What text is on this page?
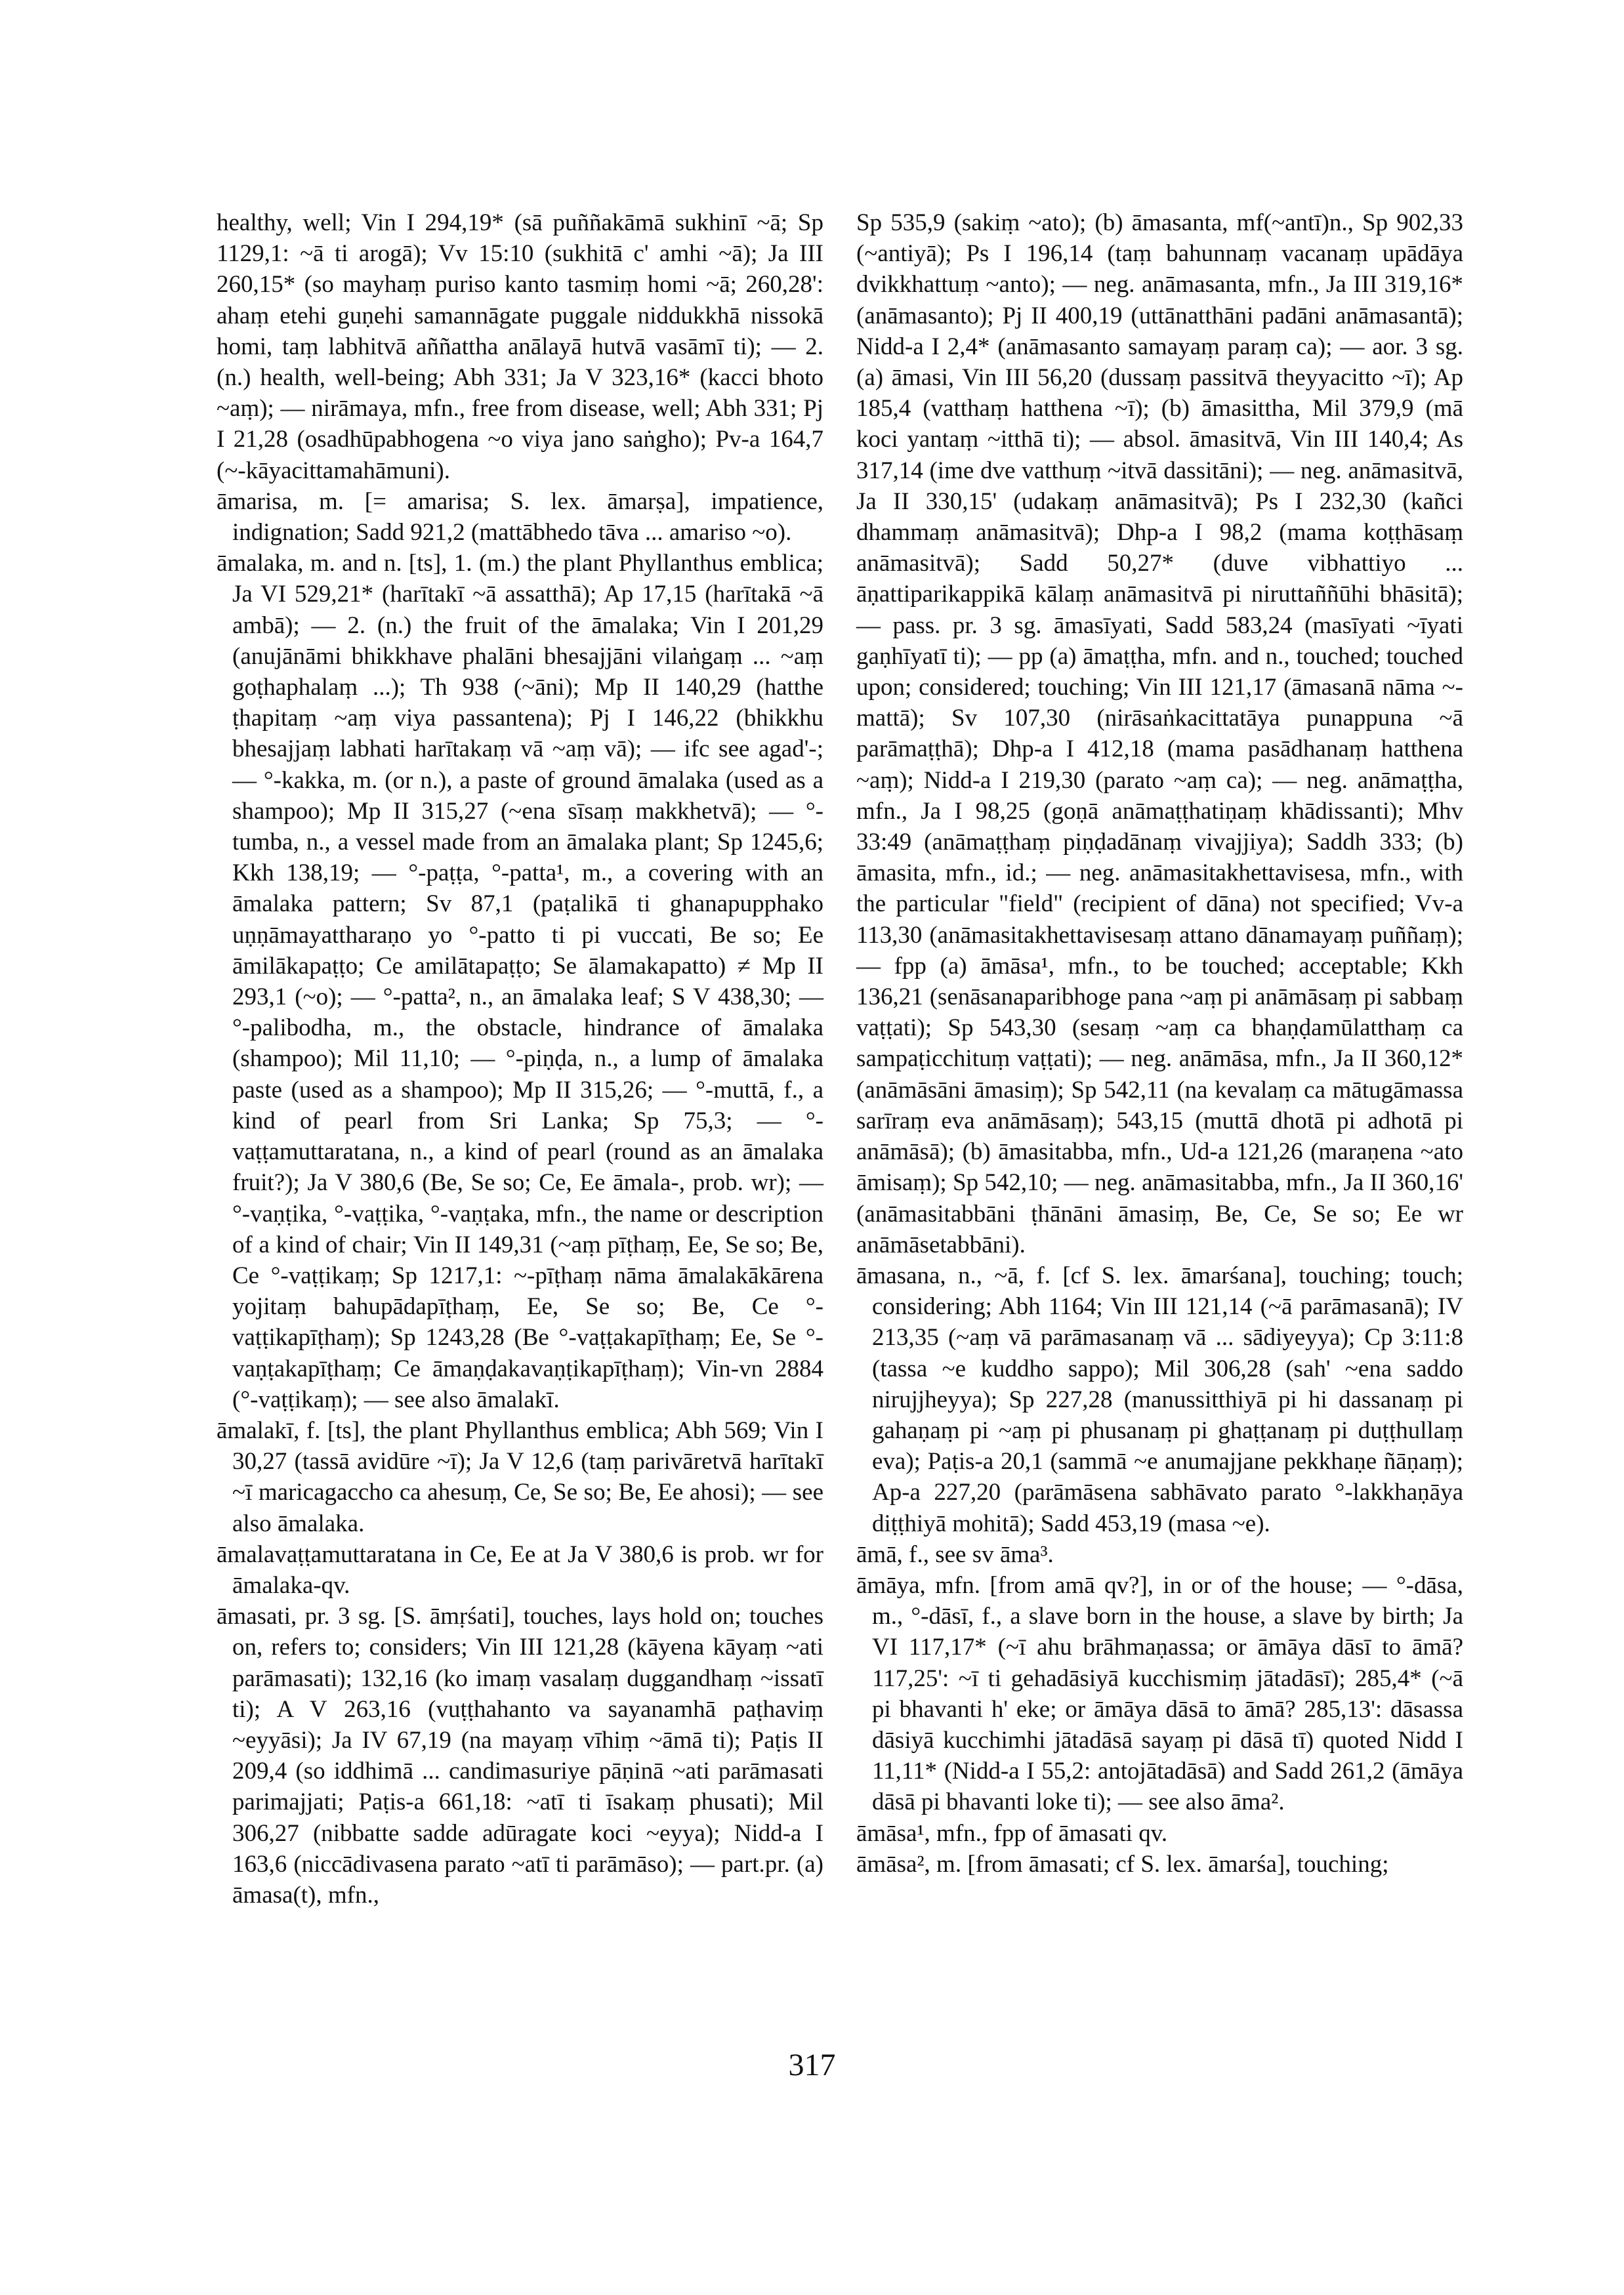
healthy, well; Vin I 294,19* (sā puññakāmā sukhinī ~ā; Sp 1129,1: ~ā ti arogā); Vv 15:10 (sukhitā c' amhi ~ā); Ja III 260,15* (so mayhaṃ puriso kanto tasmiṃ homi ~ā; 260,28': ahaṃ etehi guṇehi samannāgate puggale niddukkhā nissokā homi, taṃ labhitvā aññattha anālayā hutvā vasāmī ti); — 2. (n.) health, well-being; Abh 331; Ja V 323,16* (kacci bhoto ~aṃ); — nirāmaya, mfn., free from disease, well; Abh 331; Pj I 21,28 (osadhūpabhogena ~o viya jano saṅgho); Pv-a 164,7 (~-kāyacittamahāmuni).

āmarisa, m. [= amarisa; S. lex. āmarṣa], impatience, indignation; Sadd 921,2 (mattābhedo tāva ... amariso ~o).

āmalaka, m. and n. [ts], 1. (m.) the plant Phyllanthus emblica; Ja VI 529,21* (harītakī ~ā assatthā); Ap 17,15 (harītakā ~ā ambā); — 2. (n.) the fruit of the āmalaka; Vin I 201,29 (anujānāmi bhikkhave phalāni bhesajjāni vilaṅgaṃ ... ~aṃ goṭhaphalaṃ ...); Th 938 (~āni); Mp II 140,29 (hatthe ṭhapitaṃ ~aṃ viya passantena); Pj I 146,22 (bhikkhu bhesajjaṃ labhati harītakaṃ vā ~aṃ vā); — ifc see agad'-; — °-kakka, m. (or n.), a paste of ground āmalaka (used as a shampoo); Mp II 315,27 (~ena sīsaṃ makkhetvā); — °-tumba, n., a vessel made from an āmalaka plant; Sp 1245,6; Kkh 138,19; — °-paṭṭa, °-patta¹, m., a covering with an āmalaka pattern; Sv 87,1 (paṭalikā ti ghanapupphako uṇṇāmayattharaṇo yo °-patto ti pi vuccati, Be so; Ee āmilākapaṭṭo; Ce amilātapaṭṭo; Se ālamakapatto) ≠ Mp II 293,1 (~o); — °-patta², n., an āmalaka leaf; S V 438,30; — °-palibodha, m., the obstacle, hindrance of āmalaka (shampoo); Mil 11,10; — °-piṇḍa, n., a lump of āmalaka paste (used as a shampoo); Mp II 315,26; — °-muttā, f., a kind of pearl from Sri Lanka; Sp 75,3; — °-vaṭṭamuttaratana, n., a kind of pearl (round as an āmalaka fruit?); Ja V 380,6 (Be, Se so; Ce, Ee āmala-, prob. wr); — °-vaṇṭika, °-vaṭṭika, °-vaṇṭaka, mfn., the name or description of a kind of chair; Vin II 149,31 (~aṃ pīṭhaṃ, Ee, Se so; Be, Ce °-vaṭṭikaṃ; Sp 1217,1: ~-pīṭhaṃ nāma āmalakākārena yojitaṃ bahupādapīṭhaṃ, Ee, Se so; Be, Ce °-vaṭṭikapīṭhaṃ); Sp 1243,28 (Be °-vaṭṭakapīṭhaṃ; Ee, Se °-vaṇṭakapīṭhaṃ; Ce āmaṇḍakavaṇṭikapīṭhaṃ); Vin-vn 2884 (°-vaṭṭikaṃ); — see also āmalakī.

āmalakī, f. [ts], the plant Phyllanthus emblica; Abh 569; Vin I 30,27 (tassā avidūre ~ī); Ja V 12,6 (taṃ parivāretvā harītakī ~ī maricagaccho ca ahesuṃ, Ce, Se so; Be, Ee ahosi); — see also āmalaka.

āmalavaṭṭamuttaratana in Ce, Ee at Ja V 380,6 is prob. wr for āmalaka-qv.

āmasati, pr. 3 sg. [S. āmṛśati], touches, lays hold on; touches on, refers to; considers; Vin III 121,28 (kāyena kāyaṃ ~ati parāmasati); 132,16 (ko imaṃ vasalaṃ duggandhaṃ ~issatī ti); A V 263,16 (vuṭṭhahanto va sayanamhā paṭhaviṃ ~eyyāsi); Ja IV 67,19 (na mayaṃ vīhiṃ ~āmā ti); Paṭis II 209,4 (so iddhimā ... candimasuriye pāṇinā ~ati parāmasati parimajjati; Paṭis-a 661,18: ~atī ti īsakaṃ phusati); Mil 306,27 (nibbatte sadde adūragate koci ~eyya); Nidd-a I 163,6 (niccādivasena parato ~atī ti parāmāso); — part.pr. (a) āmasa(t), mfn.,

Sp 535,9 (sakiṃ ~ato); (b) āmasanta, mf(~antī)n., Sp 902,33 (~antiyā); Ps I 196,14 (taṃ bahunnaṃ vacanaṃ upādāya dvikkhattuṃ ~anto); — neg. anāmasanta, mfn., Ja III 319,16* (anāmasanto); Pj II 400,19 (uttānatthāni padāni anāmasantā); Nidd-a I 2,4* (anāmasanto samayaṃ paraṃ ca); — aor. 3 sg. (a) āmasi, Vin III 56,20 (dussaṃ passitvā theyyacitto ~ī); Ap 185,4 (vatthaṃ hatthena ~ī); (b) āmasittha, Mil 379,9 (mā koci yantaṃ ~itthā ti); — absol. āmasitvā, Vin III 140,4; As 317,14 (ime dve vatthuṃ ~itvā dassitāni); — neg. anāmasitvā, Ja II 330,15' (udakaṃ anāmasitvā); Ps I 232,30 (kañci dhammaṃ anāmasitvā); Dhp-a I 98,2 (mama koṭṭhāsaṃ anāmasitvā); Sadd 50,27* (duve vibhattiyo ... āṇattiparikappikā kālaṃ anāmasitvā pi niruttaññūhi bhāsitā); — pass. pr. 3 sg. āmasīyati, Sadd 583,24 (masīyati ~īyati gaṇhīyatī ti); — pp (a) āmaṭṭha, mfn. and n., touched; touched upon; considered; touching; Vin III 121,17 (āmasanā nāma ~-mattā); Sv 107,30 (nirāsaṅkacittatāya punappuna ~ā parāmaṭṭhā); Dhp-a I 412,18 (mama pasādhanaṃ hatthena ~aṃ); Nidd-a I 219,30 (parato ~aṃ ca); — neg. anāmaṭṭha, mfn., Ja I 98,25 (goṇā anāmaṭṭhatiṇaṃ khādissanti); Mhv 33:49 (anāmaṭṭhaṃ piṇḍadānaṃ vivajjiya); Saddh 333; (b) āmasita, mfn., id.; — neg. anāmasitakhettavisesa, mfn., with the particular "field" (recipient of dāna) not specified; Vv-a 113,30 (anāmasitakhettavisesaṃ attano dānamayaṃ puññaṃ); — fpp (a) āmāsa¹, mfn., to be touched; acceptable; Kkh 136,21 (senāsanaparibhoge pana ~aṃ pi anāmāsaṃ pi sabbaṃ vaṭṭati); Sp 543,30 (sesaṃ ~aṃ ca bhaṇḍamūlatthaṃ ca sampaṭicchituṃ vaṭṭati); — neg. anāmāsa, mfn., Ja II 360,12* (anāmāsāni āmasiṃ); Sp 542,11 (na kevalaṃ ca mātugāmassa sarīraṃ eva anāmāsaṃ); 543,15 (muttā dhotā pi adhotā pi anāmāsā); (b) āmasitabba, mfn., Ud-a 121,26 (maraṇena ~ato āmisaṃ); Sp 542,10; — neg. anāmasitabba, mfn., Ja II 360,16' (anāmasitabbāni ṭhānāni āmasiṃ, Be, Ce, Se so; Ee wr anāmāsetabbāni).

āmasana, n., ~ā, f. [cf S. lex. āmarśana], touching; touch; considering; Abh 1164; Vin III 121,14 (~ā parāmasanā); IV 213,35 (~aṃ vā parāmasanaṃ vā ... sādiyeyya); Cp 3:11:8 (tassa ~e kuddho sappo); Mil 306,28 (sah' ~ena saddo nirujjheyya); Sp 227,28 (manussitthiyā pi hi dassanaṃ pi gahaṇaṃ pi ~aṃ pi phusanaṃ pi ghaṭṭanaṃ pi duṭṭhullaṃ eva); Paṭis-a 20,1 (sammā ~e anumajjane pekkhaṇe ñāṇaṃ); Ap-a 227,20 (parāmāsena sabhāvato parato °-lakkhaṇāya diṭṭhiyā mohitā); Sadd 453,19 (masa ~e).

āmā, f., see sv āma³.

āmāya, mfn. [from amā qv?], in or of the house; — °-dāsa, m., °-dāsī, f., a slave born in the house, a slave by birth; Ja VI 117,17* (~ī ahu brāhmaṇassa; or āmāya dāsī to āmā? 117,25': ~ī ti gehadāsiyā kucchismiṃ jātadāsī); 285,4* (~ā pi bhavanti h' eke; or āmāya dāsā to āmā? 285,13': dāsassa dāsiyā kucchimhi jātadāsā sayaṃ pi dāsā tī) quoted Nidd I 11,11* (Nidd-a I 55,2: antojātadāsā) and Sadd 261,2 (āmāya dāsā pi bhavanti loke ti); — see also āma².

āmāsa¹, mfn., fpp of āmasati qv.

āmāsa², m. [from āmasati; cf S. lex. āmarśa], touching;

317
